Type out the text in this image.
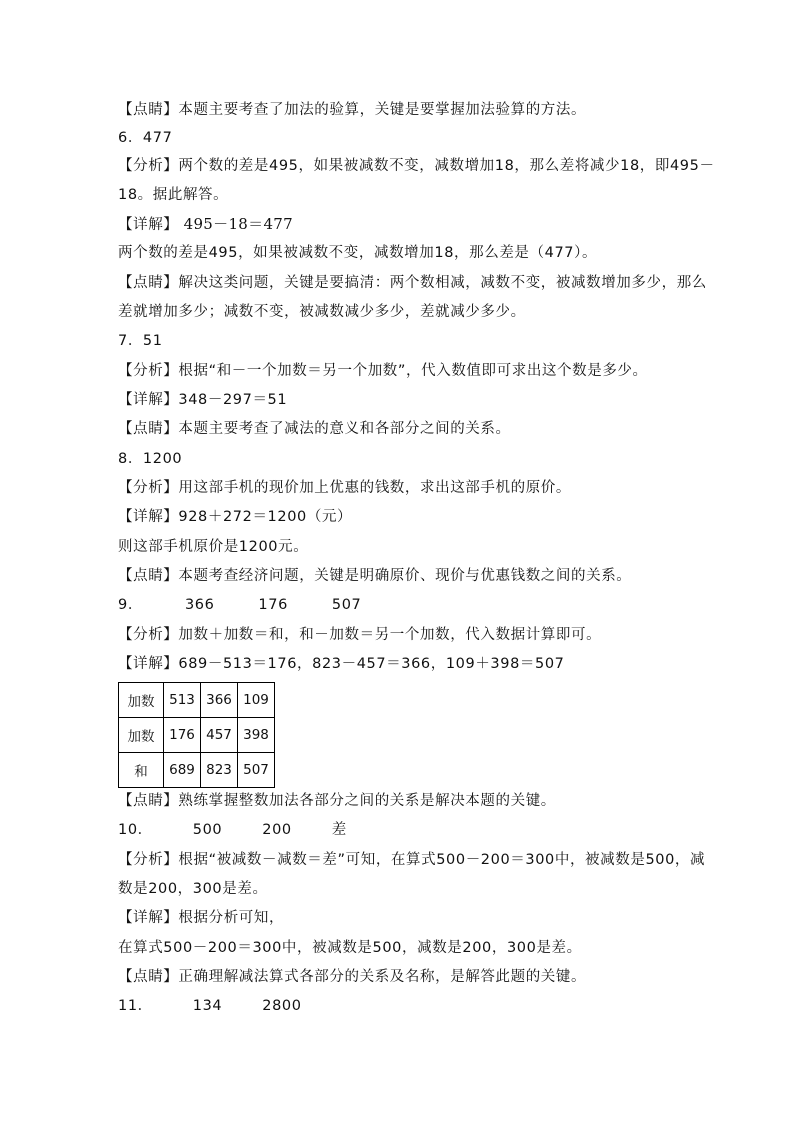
【点睛】本题主要考查了加法的验算，关键是要掌握加法验算的方法。
6．477
【分析】两个数的差是495，如果被减数不变，减数增加18，那么差将减少18，即495－
18。据此解答。
【详解】 495－18＝477
两个数的差是495，如果被减数不变，减数增加18，那么差是（477）。
【点睛】解决这类问题，关键是要搞清：两个数相减，减数不变，被减数增加多少，那么
差就增加多少；减数不变，被减数减少多少，差就减少多少。
7．51
【分析】根据“和－一个加数＝另一个加数”，代入数值即可求出这个数是多少。
【详解】348－297＝51
【点睛】本题主要考查了减法的意义和各部分之间的关系。
8．1200
【分析】用这部手机的现价加上优惠的钱数，求出这部手机的原价。
【详解】928＋272＝1200（元）
则这部手机原价是1200元。
【点睛】本题考查经济问题，关键是明确原价、现价与优惠钱数之间的关系。
9．	366	176	507
【分析】加数＋加数＝和，和－加数＝另一个加数，代入数据计算即可。
【详解】689－513＝176，823－457＝366，109＋398＝507
加数	513	366	109
加数	176	457	398
和	689	823	507
【点睛】熟练掌握整数加法各部分之间的关系是解决本题的关键。
10．	500	200	差
【分析】根据“被减数－减数＝差”可知，在算式500－200＝300中，被减数是500，减
数是200，300是差。
【详解】根据分析可知，
在算式500－200＝300中，被减数是500，减数是200，300是差。
【点睛】正确理解减法算式各部分的关系及名称，是解答此题的关键。
11．	134	2800
